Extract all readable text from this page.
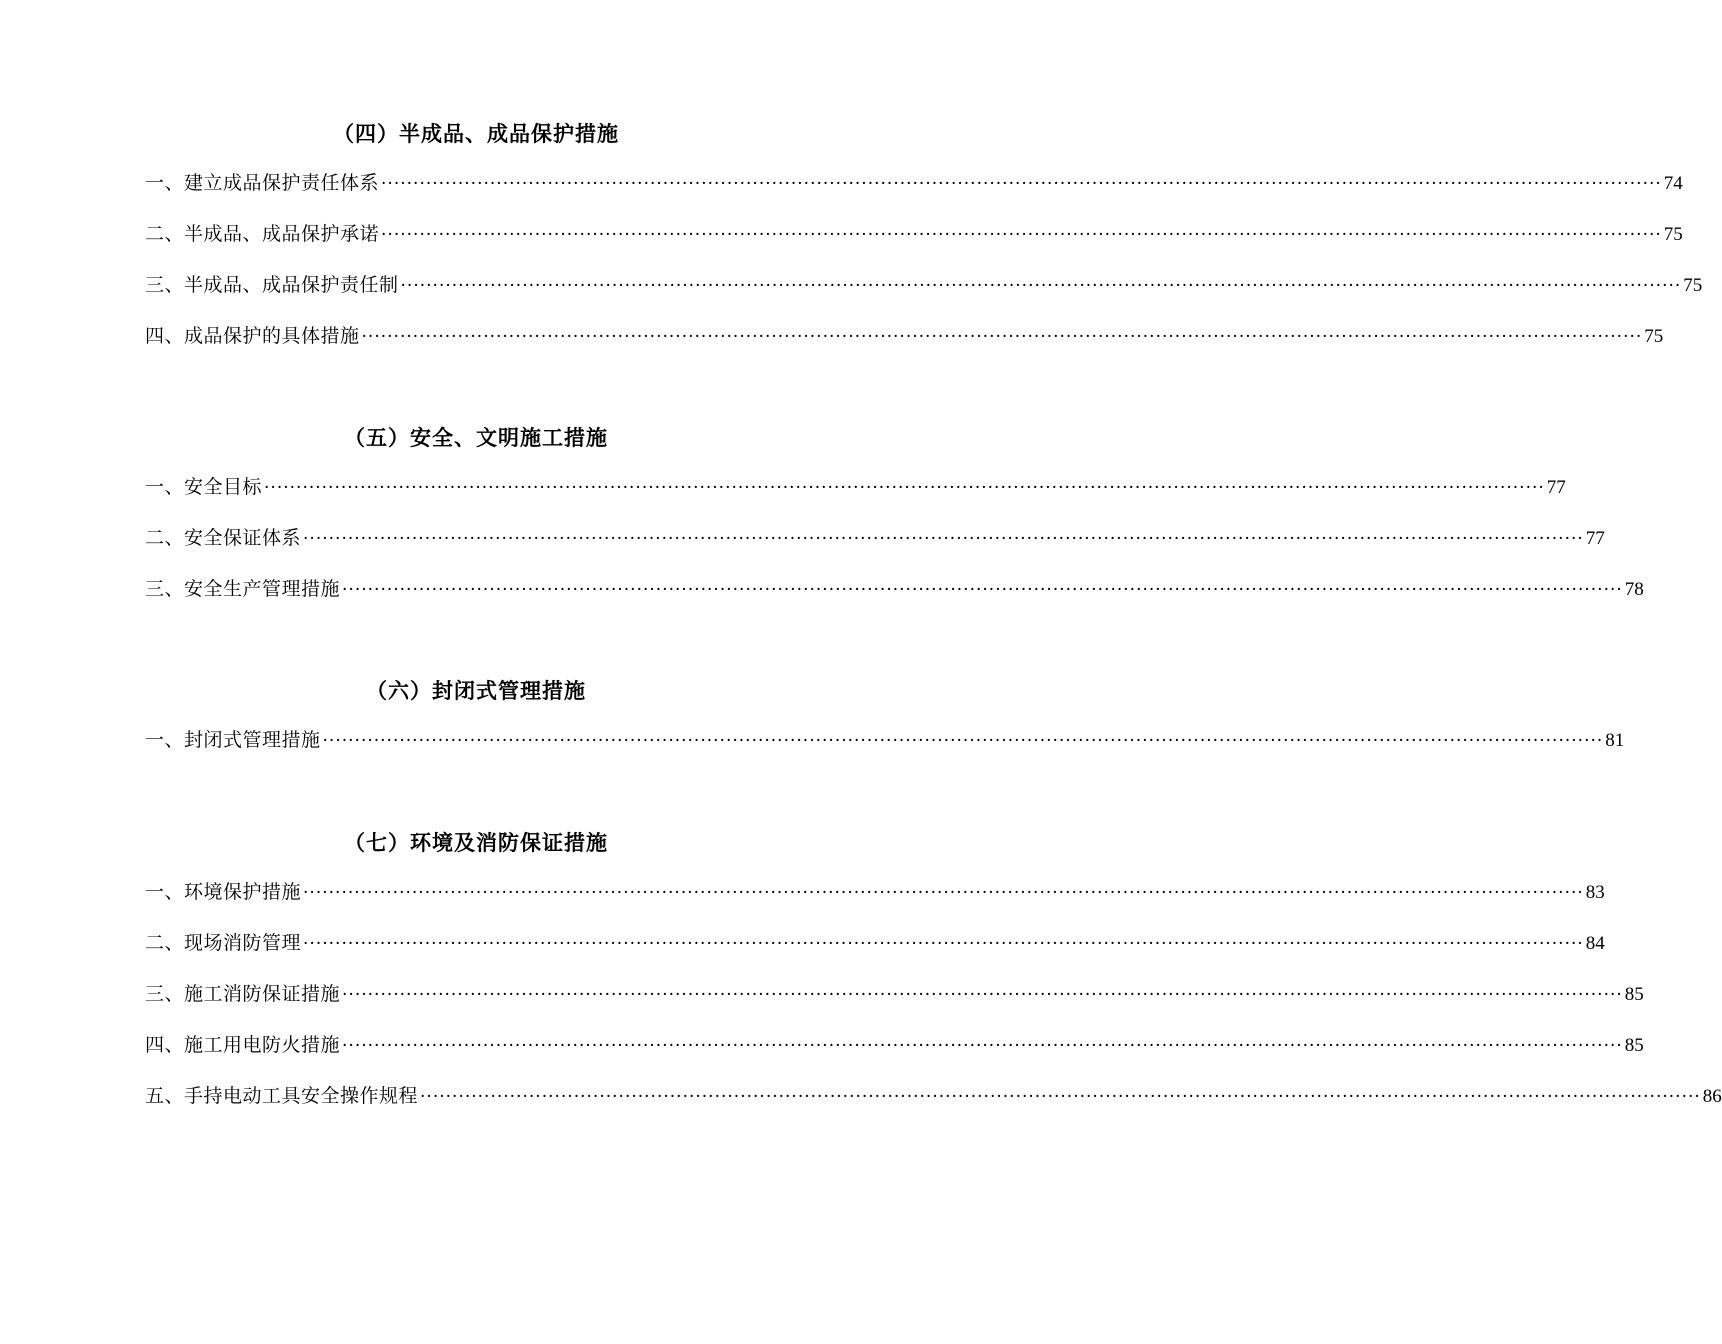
（四）半成品、成品保护措施
一、建立成品保护责任体系 ········································································································································································································ 74
二、半成品、成品保护承诺 ········································································································································································································ 75
三、半成品、成品保护责任制 ········································································································································································································ 75
四、成品保护的具体措施 ········································································································································································································ 75
（五）安全、文明施工措施
一、安全目标 ········································································································································································································ 77
二、安全保证体系 ········································································································································································································ 77
三、安全生产管理措施 ········································································································································································································ 78
（六）封闭式管理措施
一、封闭式管理措施 ········································································································································································································ 81
（七）环境及消防保证措施
一、环境保护措施 ········································································································································································································ 83
二、现场消防管理 ········································································································································································································ 84
三、施工消防保证措施 ········································································································································································································ 85
四、施工用电防火措施 ········································································································································································································ 85
五、手持电动工具安全操作规程 ········································································································································································································ 86
